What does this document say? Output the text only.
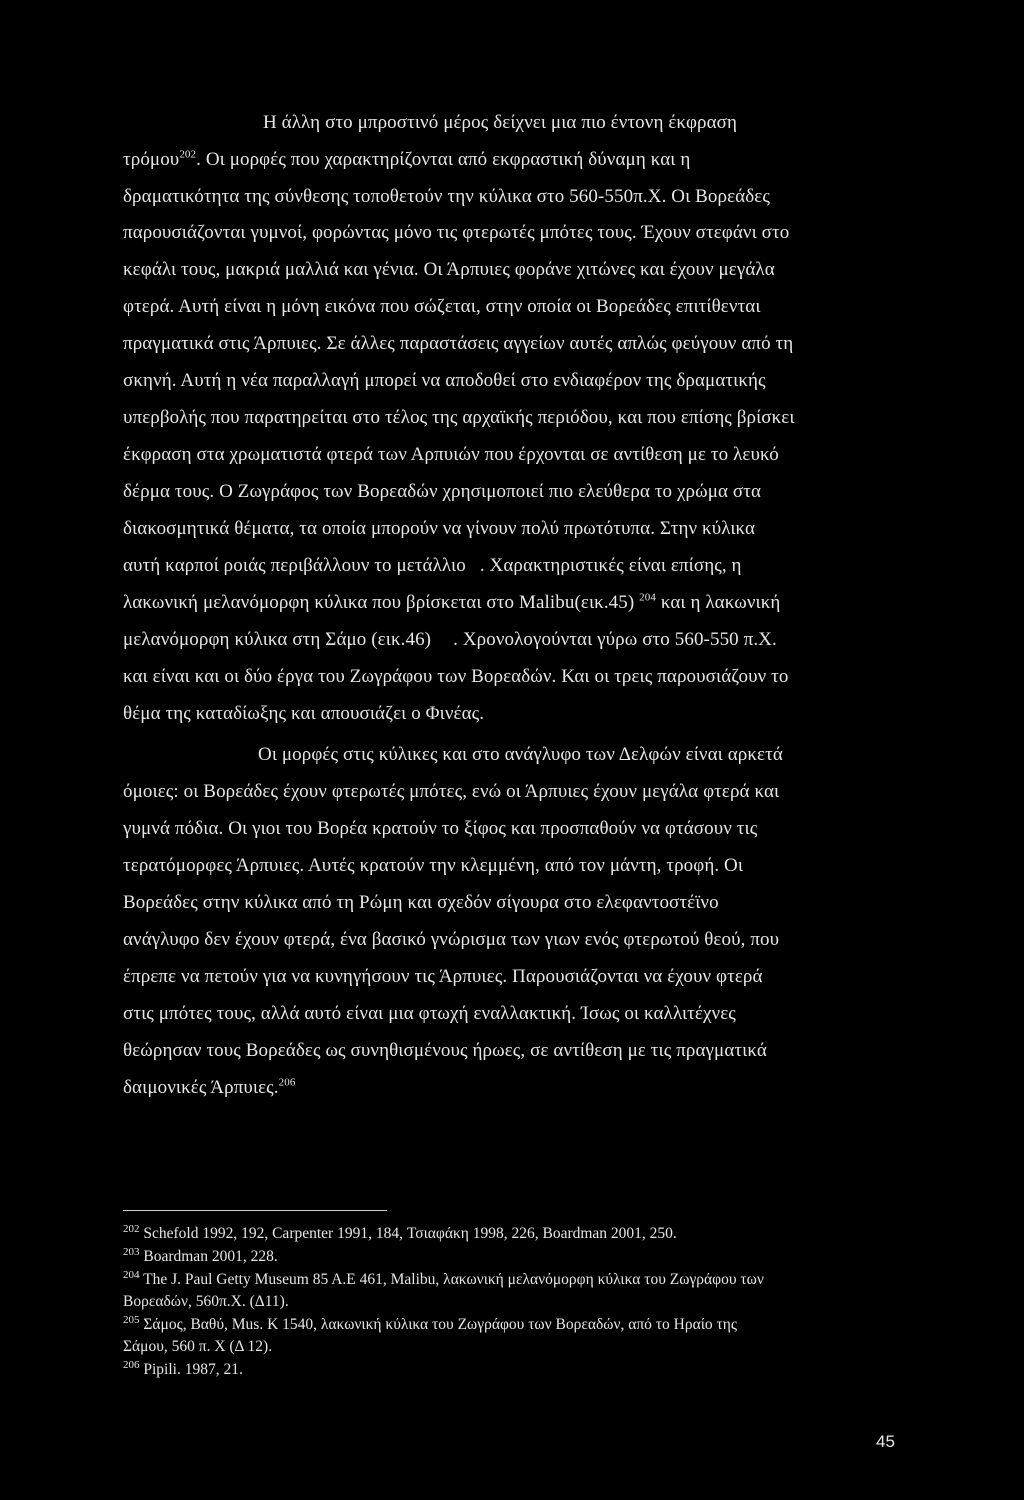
Η άλλη στο μπροστινό μέρος δείχνει μια πιο έντονη έκφραση
τρόμου$^{202}$. Οι μορφές που χαρακτηρίζονται από εκφραστική δύναμη και η
δραματικότητα της σύνθεσης τοποθετούν την κύλικα στο 560-550π.Χ. Οι Βορεάδες
παρουσιάζονται γυμνοί, φορώντας μόνο τις φτερωτές μπότες τους. Έχουν στεφάνι στο
κεφάλι τους, μακριά μαλλιά και γένια. Οι Άρπυιες φοράνε χιτώνες και έχουν μεγάλα
φτερά. Αυτή είναι η μόνη εικόνα που σώζεται, στην οποία οι Βορεάδες επιτίθενται
πραγματικά στις Άρπυιες. Σε άλλες παραστάσεις αγγείων αυτές απλώς φεύγουν από τη
σκηνή. Αυτή η νέα παραλλαγή μπορεί να αποδοθεί στο ενδιαφέρον της δραματικής
υπερβολής που παρατηρείται στο τέλος της αρχαϊκής περιόδου, και που επίσης βρίσκει
έκφραση στα χρωματιστά φτερά των Αρπυιών που έρχονται σε αντίθεση με το λευκό
δέρμα τους. Ο Ζωγράφος των Βορεαδών χρησιμοποιεί πιο ελεύθερα το χρώμα στα
διακοσμητικά θέματα, τα οποία μπορούν να γίνουν πολύ πρωτότυπα. Στην κύλικα
αυτή καρποί ροιάς περιβάλλουν το μετάλλιο . Χαρακτηριστικές είναι επίσης, η
λακωνική μελανόμορφη κύλικα που βρίσκεται στο Malibu(εικ.45) $^{204}$ και η λακωνική
μελανόμορφη κύλικα στη Σάμο (εικ.46) . Χρονολογούνται γύρω στο 560-550 π.Χ.
και είναι και οι δύο έργα του Ζωγράφου των Βορεαδών. Και οι τρεις παρουσιάζουν το
θέμα της καταδίωξης και απουσιάζει ο Φινέας.
Οι μορφές στις κύλικες και στο ανάγλυφο των Δελφών είναι αρκετά
όμοιες: οι Βορεάδες έχουν φτερωτές μπότες, ενώ οι Άρπυιες έχουν μεγάλα φτερά και
γυμνά πόδια. Οι γιοι του Βορέα κρατούν το ξίφος και προσπαθούν να φτάσουν τις
τερατόμορφες Άρπυιες. Αυτές κρατούν την κλεμμένη, από τον μάντη, τροφή. Οι
Βορεάδες στην κύλικα από τη Ρώμη και σχεδόν σίγουρα στο ελεφαντοστέϊνο
ανάγλυφο δεν έχουν φτερά, ένα βασικό γνώρισμα των γιων ενός φτερωτού θεού, που
έπρεπε να πετούν για να κυνηγήσουν τις Άρπυιες. Παρουσιάζονται να έχουν φτερά
στις μπότες τους, αλλά αυτό είναι μια φτωχή εναλλακτική. Ίσως οι καλλιτέχνες
θεώρησαν τους Βορεάδες ως συνηθισμένους ήρωες, σε αντίθεση με τις πραγματικά
δαιμονικές Άρπυιες.$^{206}$
$^{202}$ Schefold 1992, 192, Carpenter 1991, 184, Τσιαφάκη 1998, 226, Boardman 2001, 250.
$^{203}$ Boardman 2001, 228.
$^{204}$ The J. Paul Getty Museum 85 A.E 461, Malibu, λακωνική μελανόμορφη κύλικα του Ζωγράφου των
Βορεαδών, 560π.Χ. (Δ11).
$^{205}$ Σάμος, Βαθύ, Mus. Κ 1540, λακωνική κύλικα του Ζωγράφου των Βορεαδών, από το Ηραίο της
Σάμου, 560 π. Χ (Δ 12).
$^{206}$ Pipili. 1987, 21.
45
